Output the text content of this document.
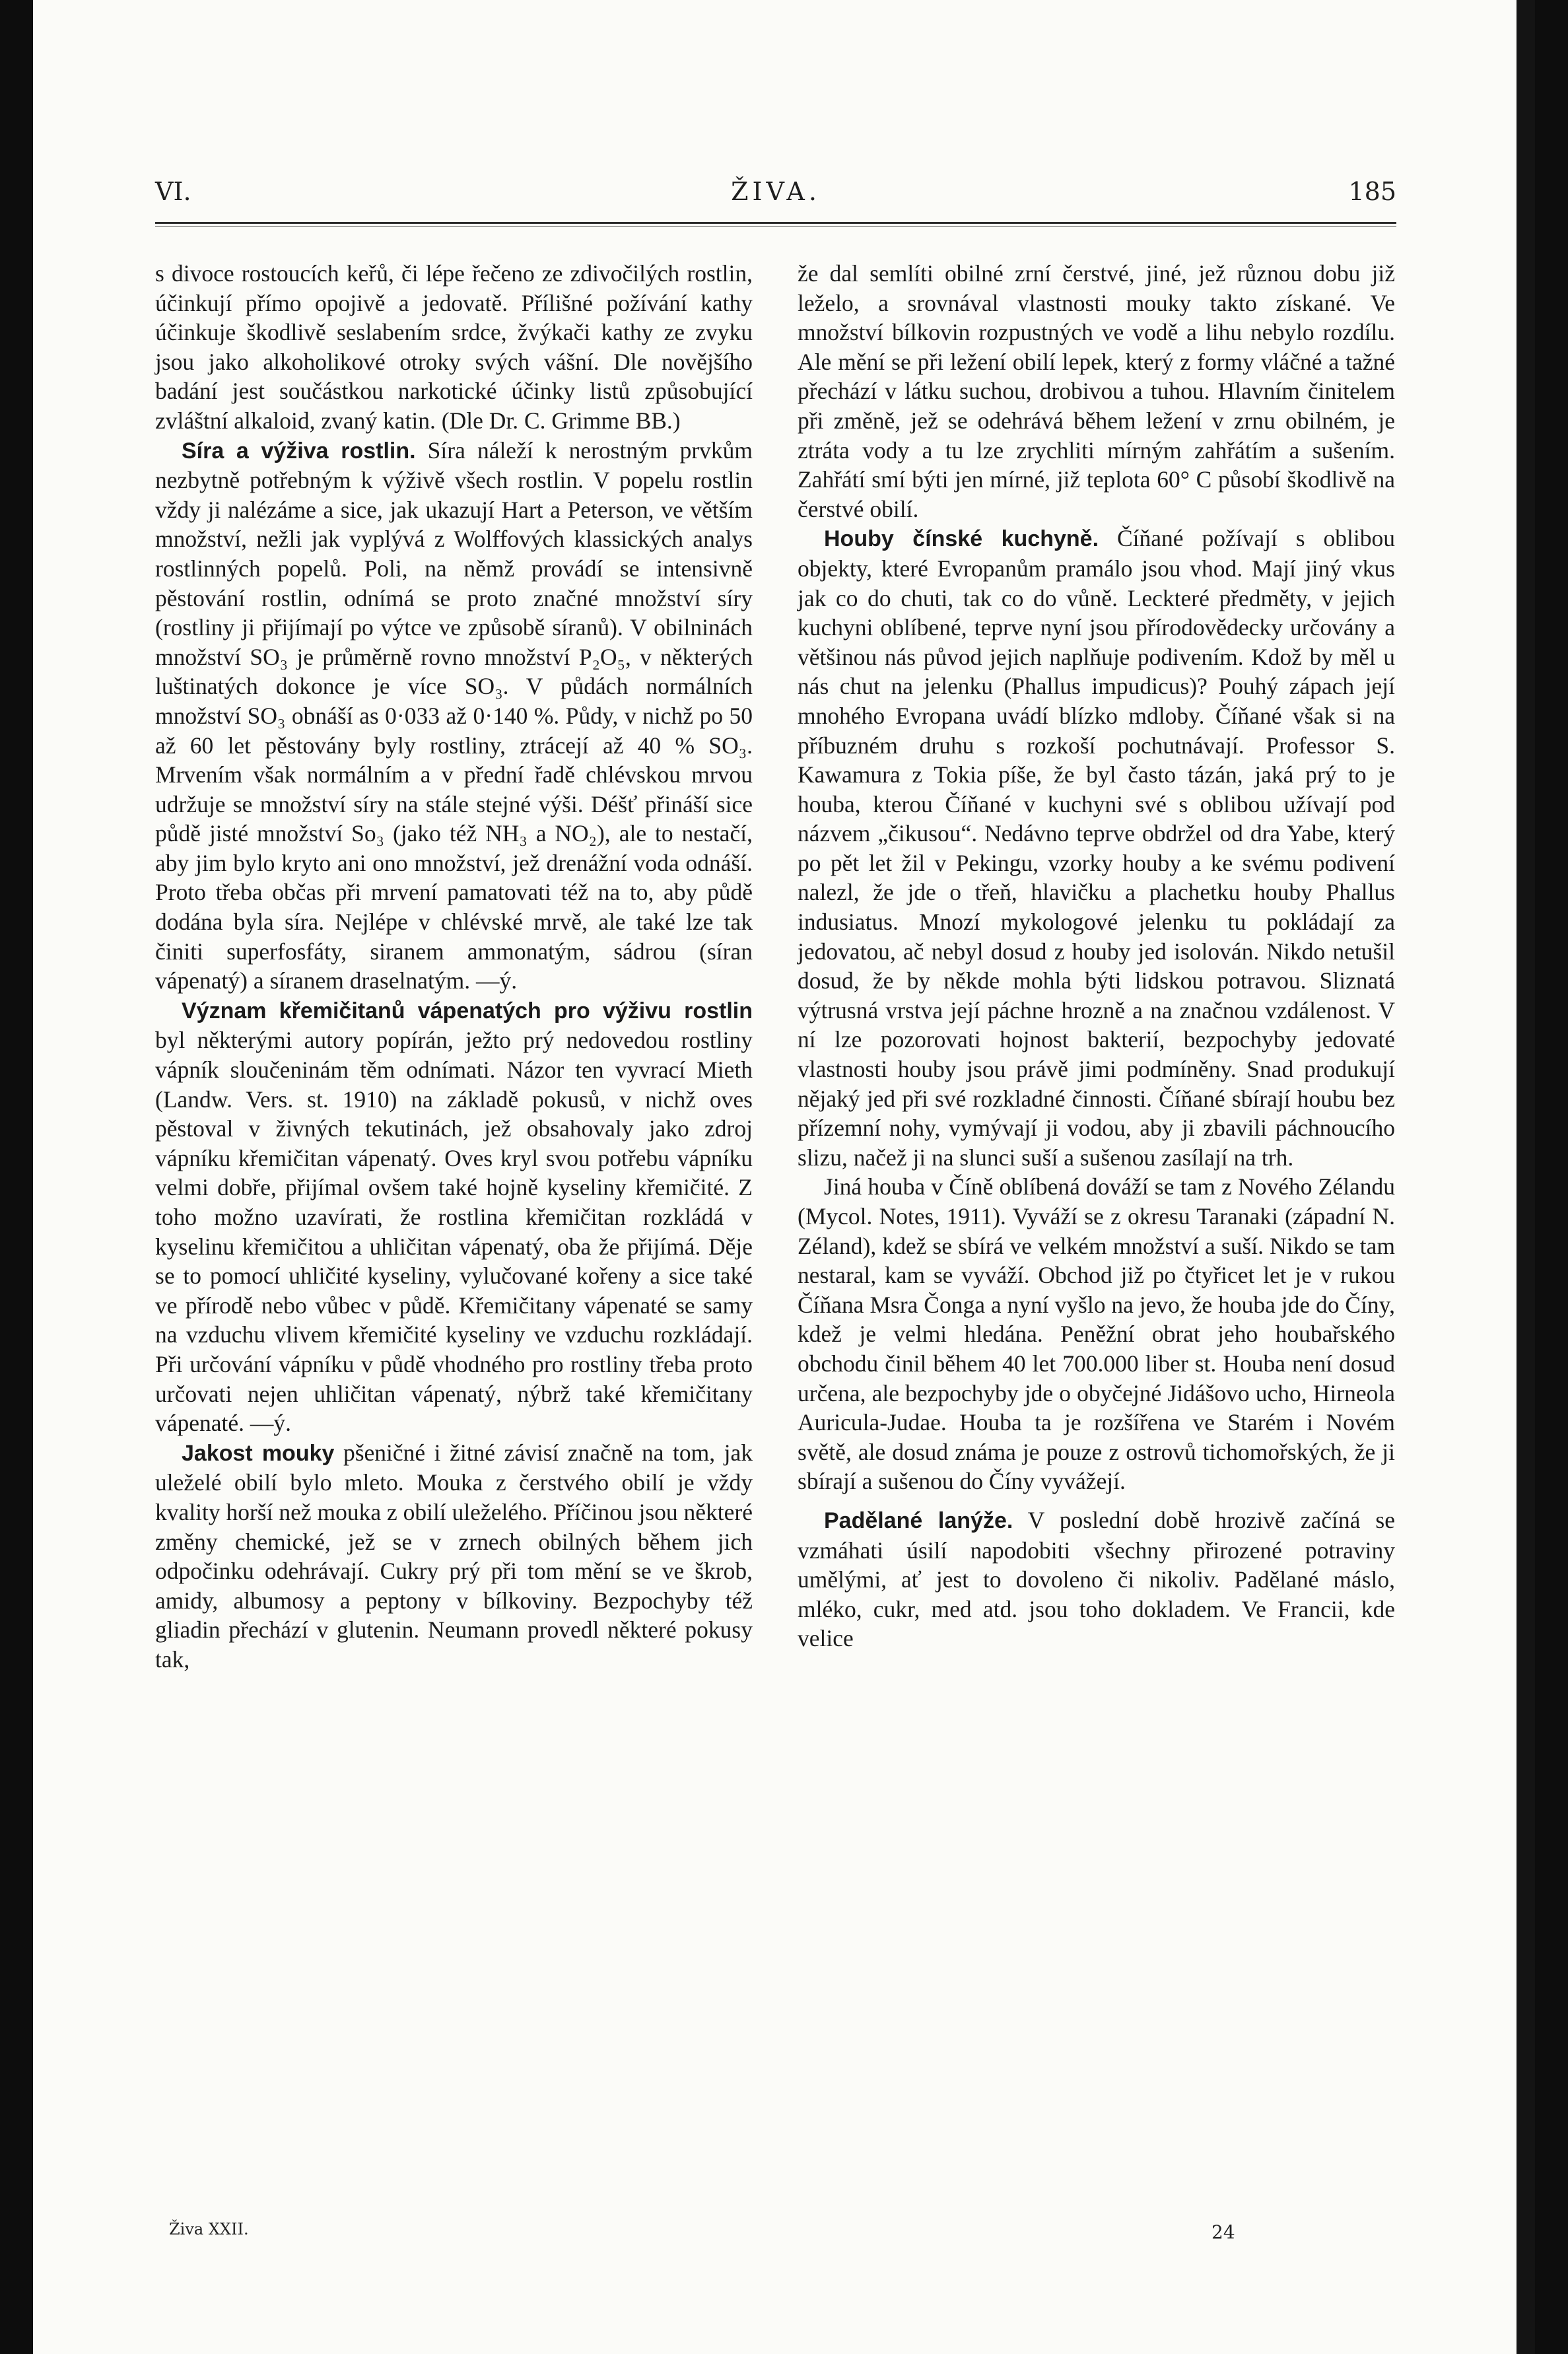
VI.	ŽIVA.	185

s divoce rostoucích keřů, či lépe řečeno ze zdivočilých rostlin, účinkují přímo opojivě a jedovatě. Přílišné požívání kathy účinkuje škodlivě seslabením srdce, žvýkači kathy ze zvyku jsou jako alkoholikové otroky svých vášní. Dle novějšího badání jest součástkou narkotické účinky listů způsobující zvláštní alkaloid, zvaný katin. (Dle Dr. C. Grimme BB.)

Síra a výživa rostlin. Síra náleží k nerostným prvkům nezbytně potřebným k výživě všech rostlin. V popelu rostlin vždy ji nalézáme a sice, jak ukazují Hart a Peterson, ve větším množství, nežli jak vyplývá z Wolffových klassických analys rostlinných popelů. Poli, na němž provádí se intensivně pěstování rostlin, odnímá se proto značné množství síry (rostliny ji přijímají po výtce ve způsobě síranů). V obilninách množství SO₃ je průměrně rovno množství P₂O₅, v některých luštinatých dokonce je více SO₃. V půdách normálních množství SO₃ obnáší as 0·033 až 0·140 %. Půdy, v nichž po 50 až 60 let pěstovány byly rostliny, ztrácejí až 40 % SO₃. Mrvením však normálním a v přední řadě chlévskou mrvou udržuje se množství síry na stále stejné výši. Déšť přináší sice půdě jisté množství So₃ (jako též NH₃ a NO₂), ale to nestačí, aby jim bylo kryto ani ono množství, jež drenážní voda odnáší. Proto třeba občas při mrvení pamatovati též na to, aby půdě dodána byla síra. Nejlépe v chlévské mrvě, ale také lze tak činiti superfosfáty, siranem ammonatým, sádrou (síran vápenatý) a síranem draselnatým. —ý.

Význam křemičitanů vápenatých pro výživu rostlin byl některými autory popírán, ježto prý nedovedou rostliny vápník sloučeninám těm odnímati. Názor ten vyvrací Mieth (Landw. Vers. st. 1910) na základě pokusů, v nichž oves pěstoval v živných tekutinách, jež obsahovaly jako zdroj vápníku křemičitan vápenatý. Oves kryl svou potřebu vápníku velmi dobře, přijímal ovšem také hojně kyseliny křemičité. Z toho možno uzavírati, že rostlina křemičitan rozkládá v kyselinu křemičitou a uhličitan vápenatý, oba že přijímá. Děje se to pomocí uhličité kyseliny, vylučované kořeny a sice také ve přírodě nebo vůbec v půdě. Křemičitany vápenaté se samy na vzduchu vlivem křemičité kyseliny ve vzduchu rozkládají. Při určování vápníku v půdě vhodného pro rostliny třeba proto určovati nejen uhličitan vápenatý, nýbrž také křemičitany vápenaté. —ý.

Jakost mouky pšeničné i žitné závisí značně na tom, jak uleželé obilí bylo mleto. Mouka z čerstvého obilí je vždy kvality horší než mouka z obilí uleželého. Příčinou jsou některé změny chemické, jež se v zrnech obilných během jich odpočinku odehrávají. Cukry prý při tom mění se ve škrob, amidy, albumosy a peptony v bílkoviny. Bezpochyby též gliadin přechází v glutenin. Neumann provedl některé pokusy tak,

že dal semlíti obilné zrní čerstvé, jiné, jež různou dobu již leželo, a srovnával vlastnosti mouky takto získané. Ve množství bílkovin rozpustných ve vodě a lihu nebylo rozdílu. Ale mění se při ležení obilí lepek, který z formy vláčné a tažné přechází v látku suchou, drobivou a tuhou. Hlavním činitelem při změně, jež se odehrává během ležení v zrnu obilném, je ztráta vody a tu lze zrychliti mírným zahřátím a sušením. Zahřátí smí býti jen mírné, již teplota 60° C působí škodlivě na čerstvé obilí.

Houby čínské kuchyně. Číňané požívají s oblibou objekty, které Evropanům pramálo jsou vhod. Mají jiný vkus jak co do chuti, tak co do vůně. Leckteré předměty, v jejich kuchyni oblíbené, teprve nyní jsou přírodovědecky určovány a většinou nás původ jejich naplňuje podivením. Kdož by měl u nás chut na jelenku (Phallus impudicus)? Pouhý zápach její mnohého Evropana uvádí blízko mdloby. Číňané však si na příbuzném druhu s rozkoší pochutnávají. Professor S. Kawamura z Tokia píše, že byl často tázán, jaká prý to je houba, kterou Číňané v kuchyni své s oblibou užívají pod názvem „čikusou“. Nedávno teprve obdržel od dra Yabe, který po pět let žil v Pekingu, vzorky houby a ke svému podivení nalezl, že jde o třeň, hlavičku a plachetku houby Phallus indusiatus. Mnozí mykologové jelenku tu pokládají za jedovatou, ač nebyl dosud z houby jed isolován. Nikdo netušil dosud, že by někde mohla býti lidskou potravou. Sliznatá výtrusná vrstva její páchne hrozně a na značnou vzdálenost. V ní lze pozorovati hojnost bakterií, bezpochyby jedovaté vlastnosti houby jsou právě jimi podmíněny. Snad produkují nějaký jed při své rozkladné činnosti. Číňané sbírají houbu bez přízemní nohy, vymývají ji vodou, aby ji zbavili páchnoucího slizu, načež ji na slunci suší a sušenou zasílají na trh.

Jiná houba v Číně oblíbená dováží se tam z Nového Zélandu (Mycol. Notes, 1911). Vyváží se z okresu Taranaki (západní N. Zéland), kdež se sbírá ve velkém množství a suší. Nikdo se tam nestaral, kam se vyváží. Obchod již po čtyřicet let je v rukou Číňana Msra Čonga a nyní vyšlo na jevo, že houba jde do Číny, kdež je velmi hledána. Peněžní obrat jeho houbařského obchodu činil během 40 let 700.000 liber st. Houba není dosud určena, ale bezpochyby jde o obyčejné Jidášovo ucho, Hirneola Auricula-Judae. Houba ta je rozšířena ve Starém i Novém světě, ale dosud známa je pouze z ostrovů tichomořských, že ji sbírají a sušenou do Číny vyvážejí.

Padělané lanýže. V poslední době hrozivě začíná se vzmáhati úsilí napodobiti všechny přirozené potraviny umělými, ať jest to dovoleno či nikoliv. Padělané máslo, mléko, cukr, med atd. jsou toho dokladem. Ve Francii, kde velice

Živa XXII.	24
